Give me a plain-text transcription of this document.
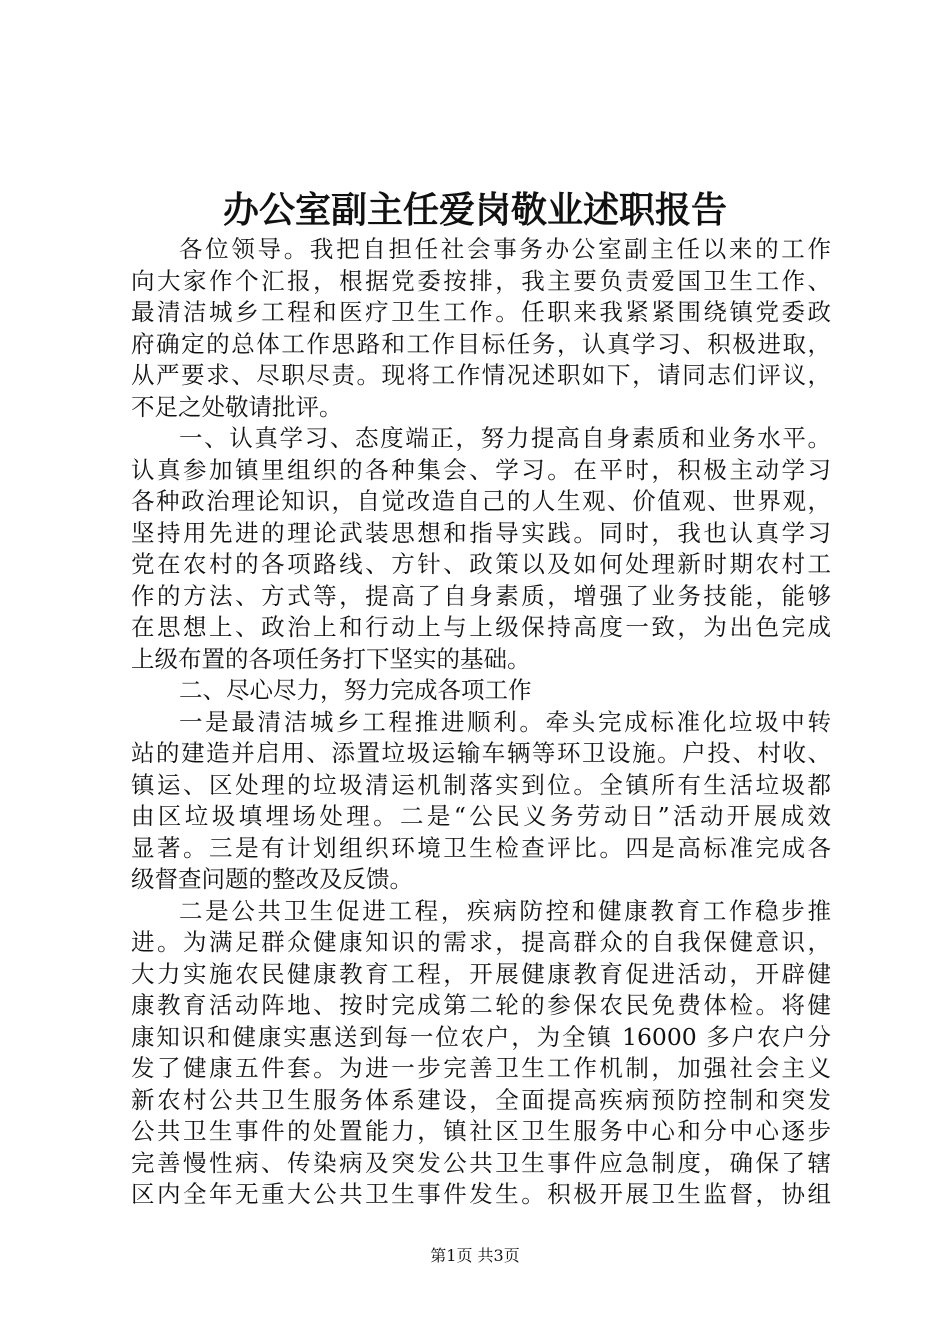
办公室副主任爱岗敬业述职报告
各位领导。我把自担任社会事务办公室副主任以来的工作
向大家作个汇报，根据党委按排，我主要负责爱国卫生工作、
最清洁城乡工程和医疗卫生工作。任职来我紧紧围绕镇党委政
府确定的总体工作思路和工作目标任务，认真学习、积极进取，
从严要求、尽职尽责。现将工作情况述职如下，请同志们评议，
不足之处敬请批评。
一、认真学习、态度端正，努力提高自身素质和业务水平。
认真参加镇里组织的各种集会、学习。在平时，积极主动学习
各种政治理论知识，自觉改造自己的人生观、价值观、世界观，
坚持用先进的理论武装思想和指导实践。同时，我也认真学习
党在农村的各项路线、方针、政策以及如何处理新时期农村工
作的方法、方式等，提高了自身素质，增强了业务技能，能够
在思想上、政治上和行动上与上级保持高度一致，为出色完成
上级布置的各项任务打下坚实的基础。
二、尽心尽力，努力完成各项工作
一是最清洁城乡工程推进顺利。牵头完成标准化垃圾中转
站的建造并启用、添置垃圾运输车辆等环卫设施。户投、村收、
镇运、区处理的垃圾清运机制落实到位。全镇所有生活垃圾都
由区垃圾填埋场处理。二是“公民义务劳动日”活动开展成效
显著。三是有计划组织环境卫生检查评比。四是高标准完成各
级督查问题的整改及反馈。
二是公共卫生促进工程，疾病防控和健康教育工作稳步推
进。为满足群众健康知识的需求，提高群众的自我保健意识，
大力实施农民健康教育工程，开展健康教育促进活动，开辟健
康教育活动阵地、按时完成第二轮的参保农民免费体检。将健
康知识和健康实惠送到每一位农户，为全镇 16000 多户农户分
发了健康五件套。为进一步完善卫生工作机制，加强社会主义
新农村公共卫生服务体系建设，全面提高疾病预防控制和突发
公共卫生事件的处置能力，镇社区卫生服务中心和分中心逐步
完善慢性病、传染病及突发公共卫生事件应急制度，确保了辖
区内全年无重大公共卫生事件发生。积极开展卫生监督，协组
第1页 共3页
